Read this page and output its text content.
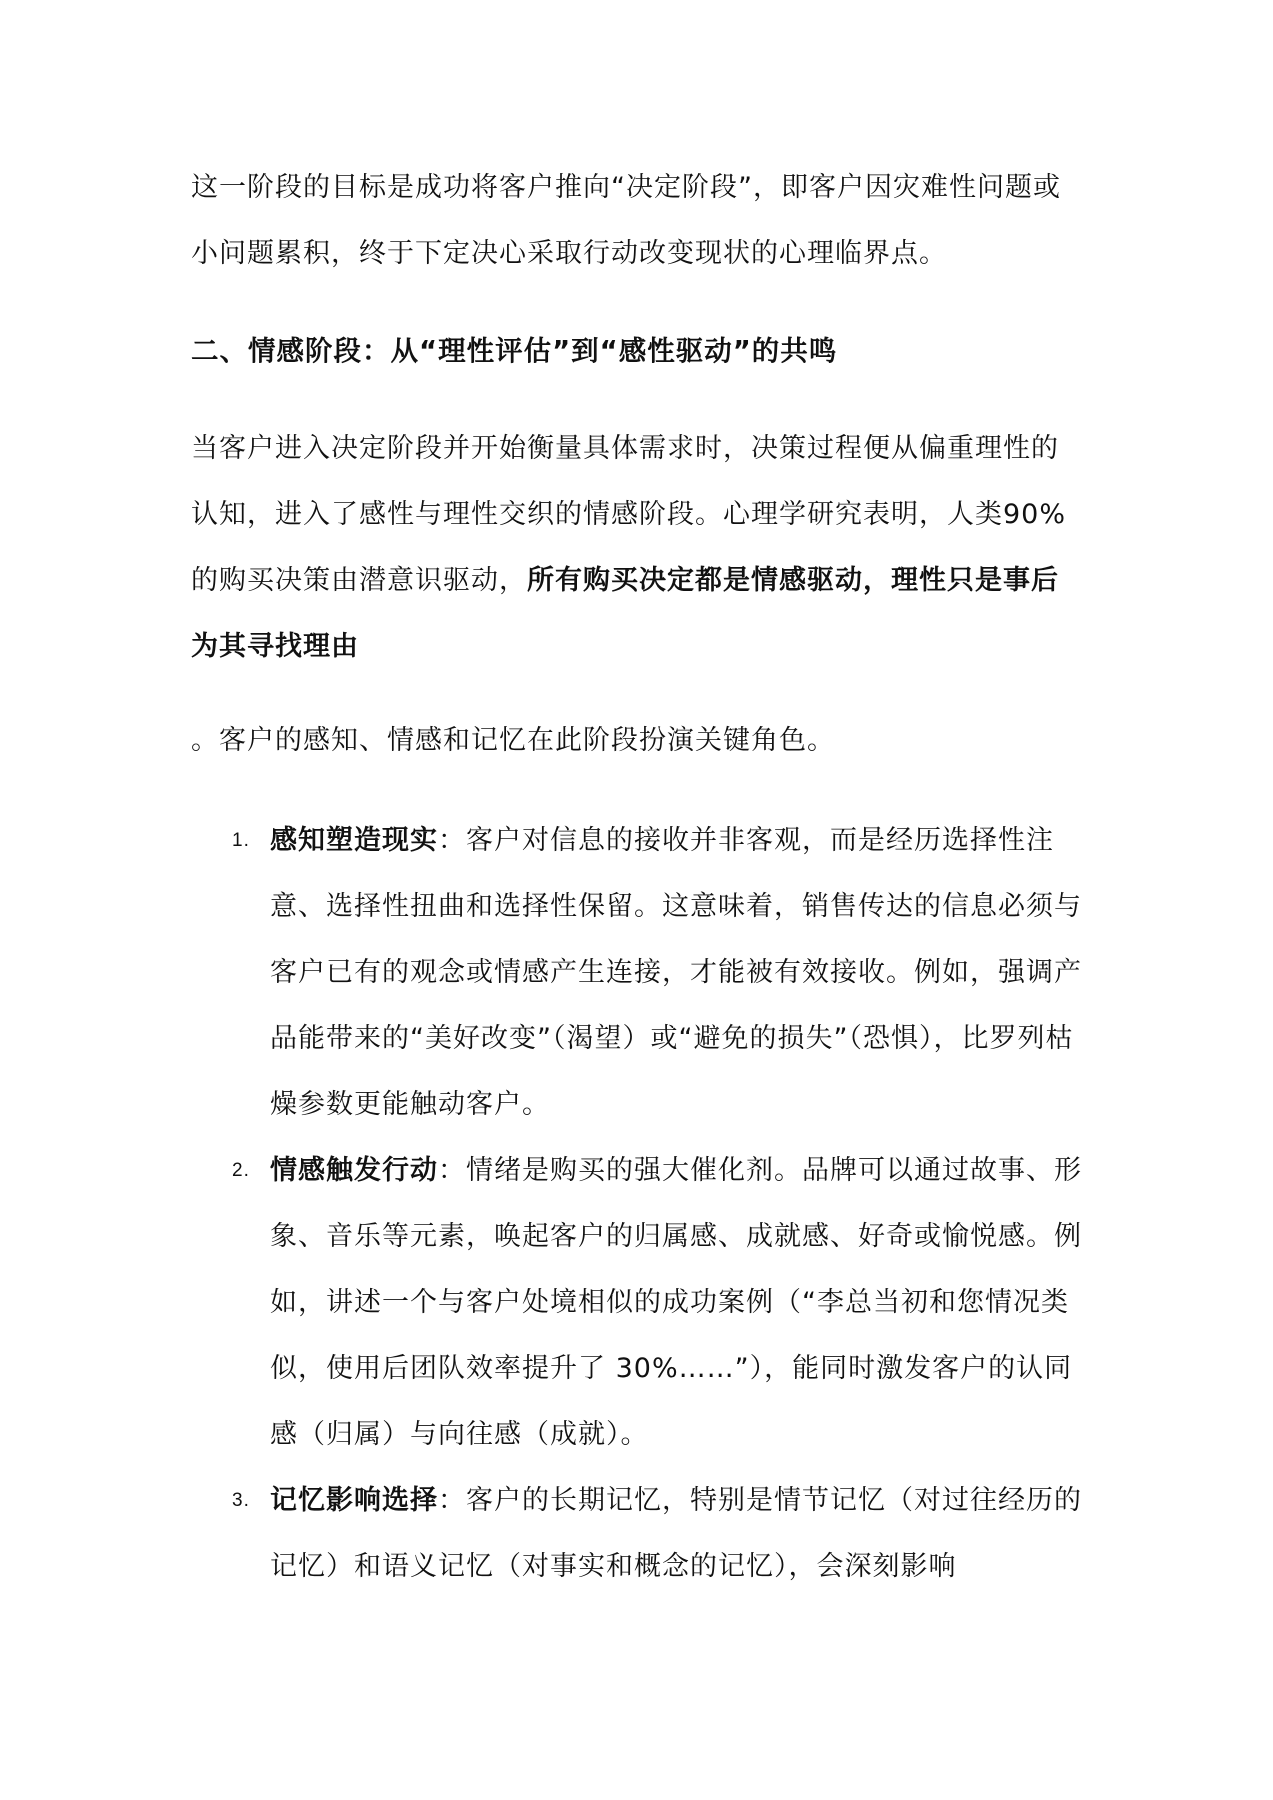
这一阶段的目标是成功将客户推向“决定阶段”，即客户因灾难性问题或小问题累积，终于下定决心采取行动改变现状的心理临界点。

二、情感阶段：从“理性评估”到“感性驱动”的共鸣

当客户进入决定阶段并开始衡量具体需求时，决策过程便从偏重理性的认知，进入了感性与理性交织的情感阶段。心理学研究表明，人类90%的购买决策由潜意识驱动，所有购买决定都是情感驱动，理性只是事后为其寻找理由

。客户的感知、情感和记忆在此阶段扮演关键角色。

1. 感知塑造现实：客户对信息的接收并非客观，而是经历选择性注意、选择性扭曲和选择性保留。这意味着，销售传达的信息必须与客户已有的观念或情感产生连接，才能被有效接收。例如，强调产品能带来的“美好改变”（渴望）或“避免的损失”（恐惧），比罗列枯燥参数更能触动客户。
2. 情感触发行动：情绪是购买的强大催化剂。品牌可以通过故事、形象、音乐等元素，唤起客户的归属感、成就感、好奇或愉悦感。例如，讲述一个与客户处境相似的成功案例（“李总当初和您情况类似，使用后团队效率提升了 30%……”），能同时激发客户的认同感（归属）与向往感（成就）。
3. 记忆影响选择：客户的长期记忆，特别是情节记忆（对过往经历的记忆）和语义记忆（对事实和概念的记忆），会深刻影响
